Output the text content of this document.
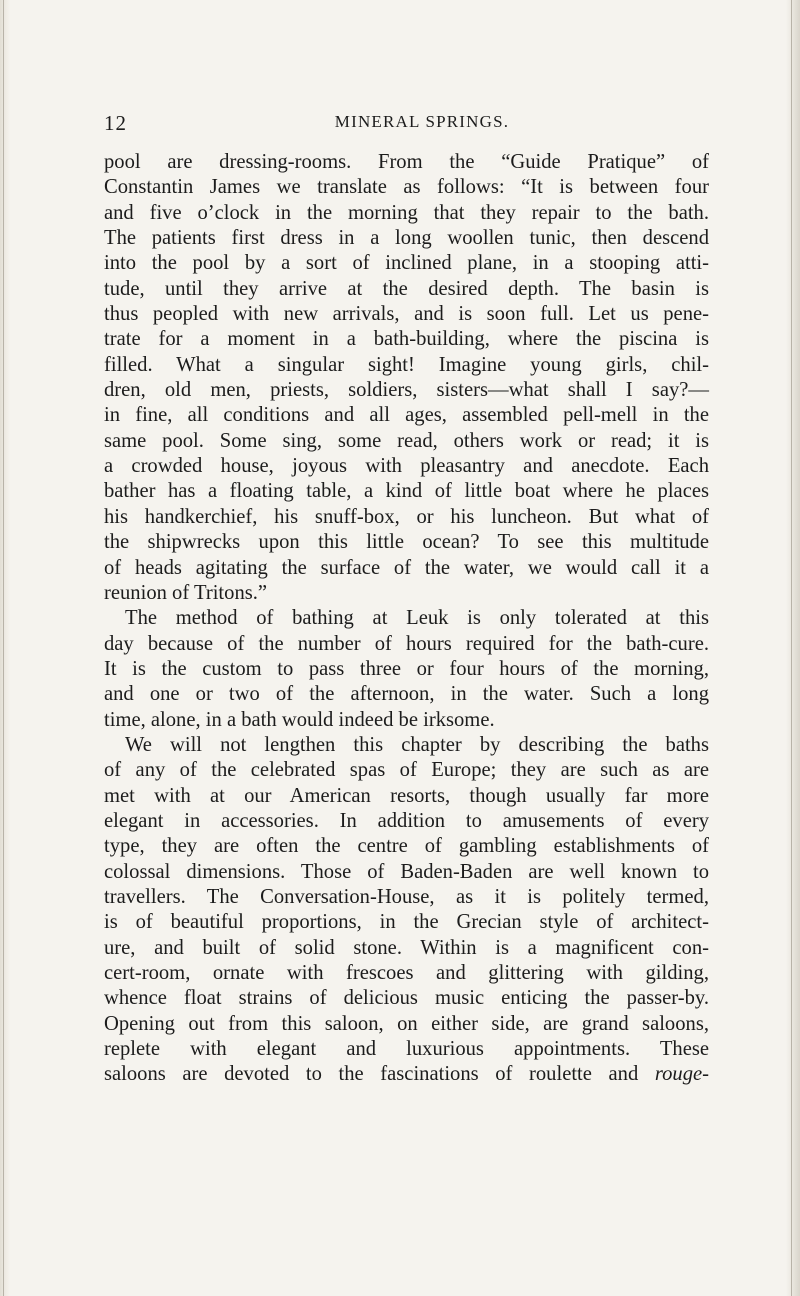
12	MINERAL SPRINGS.
pool are dressing-rooms. From the “Guide Pratique” of
Constantin James we translate as follows: “It is between four
and five o’clock in the morning that they repair to the bath.
The patients first dress in a long woollen tunic, then descend
into the pool by a sort of inclined plane, in a stooping atti-
tude, until they arrive at the desired depth. The basin is
thus peopled with new arrivals, and is soon full. Let us pene-
trate for a moment in a bath-building, where the piscina is
filled. What a singular sight! Imagine young girls, chil-
dren, old men, priests, soldiers, sisters—what shall I say?—
in fine, all conditions and all ages, assembled pell-mell in the
same pool. Some sing, some read, others work or read; it is
a crowded house, joyous with pleasantry and anecdote. Each
bather has a floating table, a kind of little boat where he places
his handkerchief, his snuff-box, or his luncheon. But what of
the shipwrecks upon this little ocean? To see this multitude
of heads agitating the surface of the water, we would call it a
reunion of Tritons.”
The method of bathing at Leuk is only tolerated at this
day because of the number of hours required for the bath-cure.
It is the custom to pass three or four hours of the morning,
and one or two of the afternoon, in the water. Such a long
time, alone, in a bath would indeed be irksome.
We will not lengthen this chapter by describing the baths
of any of the celebrated spas of Europe; they are such as are
met with at our American resorts, though usually far more
elegant in accessories. In addition to amusements of every
type, they are often the centre of gambling establishments of
colossal dimensions. Those of Baden-Baden are well known to
travellers. The Conversation-House, as it is politely termed,
is of beautiful proportions, in the Grecian style of architect-
ure, and built of solid stone. Within is a magnificent con-
cert-room, ornate with frescoes and glittering with gilding,
whence float strains of delicious music enticing the passer-by.
Opening out from this saloon, on either side, are grand saloons,
replete with elegant and luxurious appointments. These
saloons are devoted to the fascinations of roulette and rouge-
